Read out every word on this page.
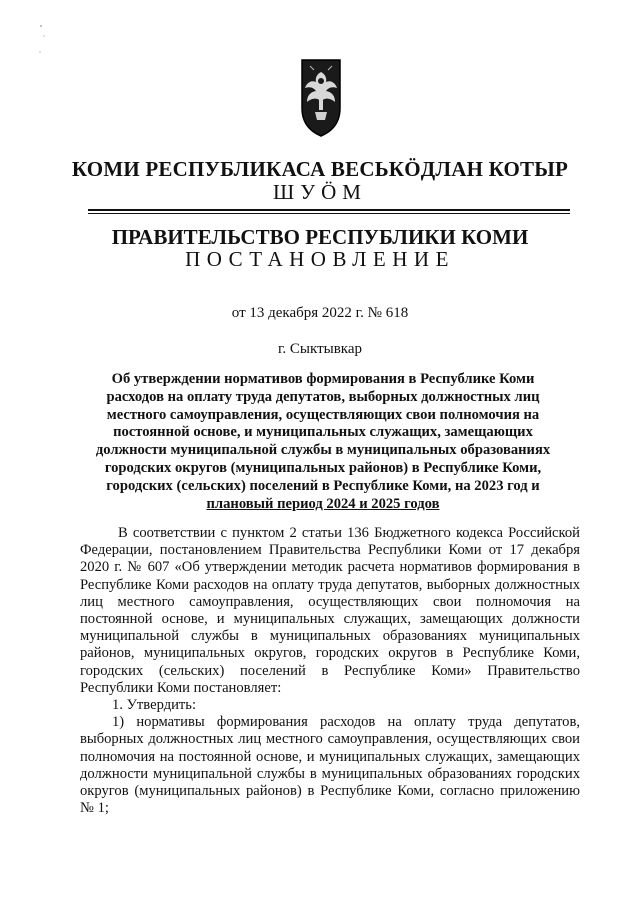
КОМИ РЕСПУБЛИКАСА ВЕСЬКӦДЛАН КОТЫР
ШУӦМ
ПРАВИТЕЛЬСТВО РЕСПУБЛИКИ КОМИ
ПОСТАНОВЛЕНИЕ
от 13 декабря 2022 г. № 618
г. Сыктывкар
Об утверждении нормативов формирования в Республике Коми
расходов на оплату труда депутатов, выборных должностных лиц
местного самоуправления, осуществляющих свои полномочия на
постоянной основе, и муниципальных служащих, замещающих
должности муниципальной службы в муниципальных образованиях
городских округов (муниципальных районов) в Республике Коми,
городских (сельских) поселений в Республике Коми, на 2023 год и
плановый период 2024 и 2025 годов

В соответствии с пунктом 2 статьи 136 Бюджетного кодекса Российской Федерации, постановлением Правительства Республики Коми от 17 декабря 2020 г. № 607 «Об утверждении методик расчета нормативов формирования в Республике Коми расходов на оплату труда депутатов, выборных должностных лиц местного самоуправления, осуществляющих свои полномочия на постоянной основе, и муниципальных служащих, замещающих должности муниципальной службы в муниципальных образованиях муниципальных районов, муниципальных округов, городских округов в Республике Коми, городских (сельских) поселений в Республике Коми» Правительство Республики Коми постановляет:

1. Утвердить:

1) нормативы формирования расходов на оплату труда депутатов, выборных должностных лиц местного самоуправления, осуществляющих свои полномочия на постоянной основе, и муниципальных служащих, замещающих должности муниципальной службы в муниципальных образованиях городских округов (муниципальных районов) в Республике Коми, согласно приложению № 1;
